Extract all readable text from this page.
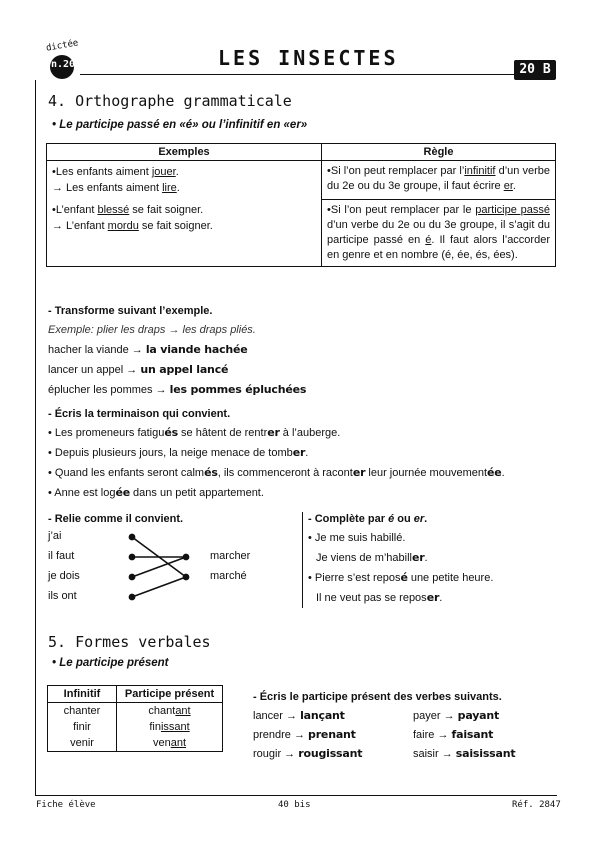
dictée
n.20	LES INSECTES	20 B
4. Orthographe grammaticale
• Le participe passé en «é» ou l’infinitif en «er»
Exemples	Règle

•Les enfants aiment jouer.

→ Les enfants aiment lire.	•Si l’on peut remplacer par l’infinitif d’un verbe du 2e ou du 3e groupe, il faut écrire er.

•L’enfant blessé se fait soigner.

→ L’enfant mordu se fait soigner.	•Si l’on peut remplacer par le participe passé d’un verbe du 2e ou du 3e groupe, il s’agit du participe passé en é. Il faut alors l’accorder en genre et en nombre (é, ée, és, ées).

- Transforme suivant l’exemple.

Exemple: plier les draps → les draps pliés.

hacher la viande → la viande hachée

lancer un appel → un appel lancé

éplucher les pommes → les pommes épluchées

- Écris la terminaison qui convient.

• Les promeneurs fatigués se hâtent de rentrer à l’auberge.

• Depuis plusieurs jours, la neige menace de tomber.

• Quand les enfants seront calmés, ils commenceront à raconter leur journée mouvementée.

• Anne est logée dans un petit appartement.

- Relie comme il convient.

j’ai
il faut
je dois
ils ont
marcher
marché

- Complète par é ou er.

• Je me suis habillé.

Je viens de m’habiller.

• Pierre s’est reposé une petite heure.

Il ne veut pas se reposer.

5. Formes verbales
• Le participe présent
Infinitif	Participe présent
chanter	chantant
finir	finissant
venir	venant

- Écris le participe présent des verbes suivants.

lancer → lançant	payer → payant
prendre → prenant	faire → faisant
rougir → rougissant	saisir → saisissant
Fiche élève	40 bis	Réf. 2847
